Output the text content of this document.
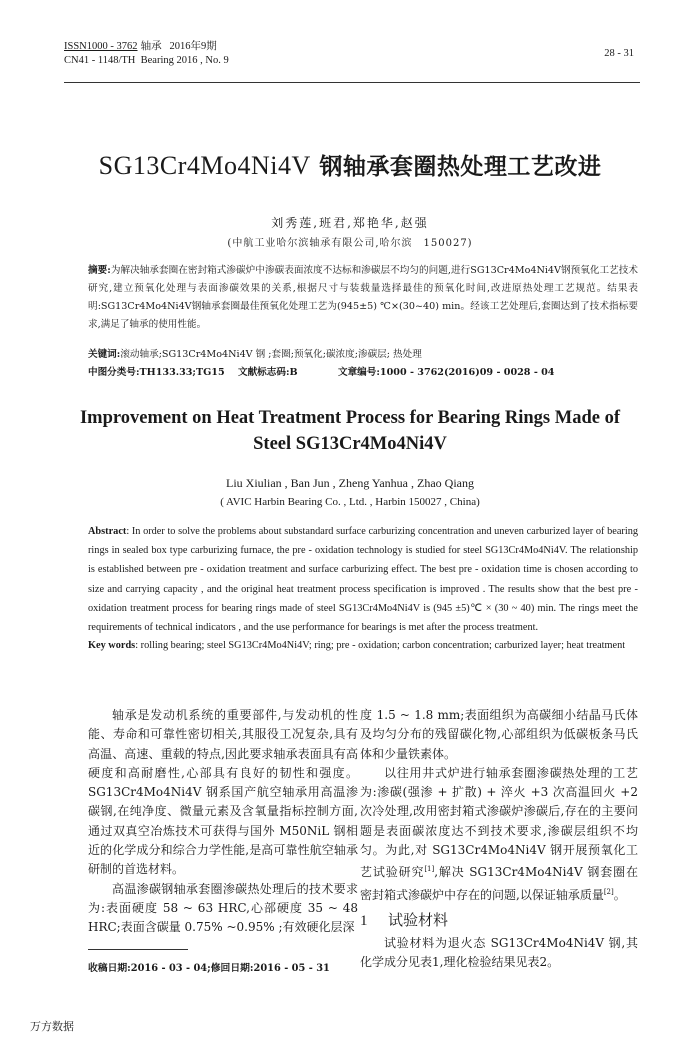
ISSN1000 - 3762 轴承 2016年9期
CN41 - 1148/TH Bearing 2016 , No. 9
28 - 31
SG13Cr4Mo4Ni4V 钢轴承套圈热处理工艺改进
刘秀莲,班君,郑艳华,赵强
(中航工业哈尔滨轴承有限公司,哈尔滨　150027)
摘要:为解决轴承套圈在密封箱式渗碳炉中渗碳表面浓度不达标和渗碳层不均匀的问题,进行SG13Cr4Mo4Ni4V钢预氧化工艺技术研究,建立预氧化处理与表面渗碳效果的关系,根据尺寸与装载量选择最佳的预氧化时间,改进原热处理工艺规范。结果表明:SG13Cr4Mo4Ni4V钢轴承套圈最佳预氧化处理工艺为(945±5) ℃×(30~40) min。经该工艺处理后,套圈达到了技术指标要求,满足了轴承的使用性能。
关键词:滚动轴承;SG13Cr4Mo4Ni4V 钢 ;套圈;预氧化;碳浓度;渗碳层; 热处理
中图分类号:TH133.33;TG15 文献标志码:B	文章编号:1000 - 3762(2016)09 - 0028 - 04
Improvement on Heat Treatment Process for Bearing Rings Made of
Steel SG13Cr4Mo4Ni4V
Liu Xiulian , Ban Jun , Zheng Yanhua , Zhao Qiang
( AVIC Harbin Bearing Co. , Ltd. , Harbin 150027 , China)
Abstract: In order to solve the problems about substandard surface carburizing concentration and uneven carburized layer of bearing rings in sealed box type carburizing furnace, the pre - oxidation technology is studied for steel SG13Cr4Mo4Ni4V. The relationship is established between pre - oxidation treatment and surface carburizing effect. The best pre - oxidation time is chosen according to size and carrying capacity , and the original heat treatment process specification is improved . The results show that the best pre - oxidation treatment process for bearing rings made of steel SG13Cr4Mo4Ni4V is (945 ±5)℃ × (30 ~ 40) min. The rings meet the requirements of technical indicators , and the use performance for bearings is met after the process treatment.
Key words: rolling bearing; steel SG13Cr4Mo4Ni4V; ring; pre - oxidation; carbon concentration; carburized layer; heat treatment

轴承是发动机系统的重要部件,与发动机的性能、寿命和可靠性密切相关,其服役工况复杂,具有高温、高速、重载的特点,因此要求轴承表面具有高硬度和高耐磨性,心部具有良好的韧性和强度。SG13Cr4Mo4Ni4V 钢系国产航空轴承用高温渗碳钢,在纯净度、微量元素及含氧量指标控制方面,通过双真空冶炼技术可获得与国外 M50NiL 钢相近的化学成分和综合力学性能,是高可靠性航空轴承研制的首选材料。

高温渗碳钢轴承套圈渗碳热处理后的技术要求为:表面硬度 58 ~ 63 HRC,心部硬度 35 ~ 48 HRC;表面含碳量 0.75% ~0.95% ;有效硬化层深

度 1.5 ~ 1.8 mm;表面组织为高碳细小结晶马氏体及均匀分布的残留碳化物,心部组织为低碳板条马氏体和少量铁素体。

以往用井式炉进行轴承套圈渗碳热处理的工艺为:渗碳(强渗 + 扩散) + 淬火 +3 次高温回火 +2 次冷处理,改用密封箱式渗碳炉渗碳后,存在的主要问题是表面碳浓度达不到技术要求,渗碳层组织不均匀。为此,对 SG13Cr4Mo4Ni4V 钢开展预氧化工艺试验研究[1],解决 SG13Cr4Mo4Ni4V 钢套圈在密封箱式渗碳炉中存在的问题,以保证轴承质量[2]。

1 试验材料

试验材料为退火态 SG13Cr4Mo4Ni4V 钢,其化学成分见表1,理化检验结果见表2。

收稿日期:2016 - 03 - 04;修回日期:2016 - 05 - 31
万方数据
